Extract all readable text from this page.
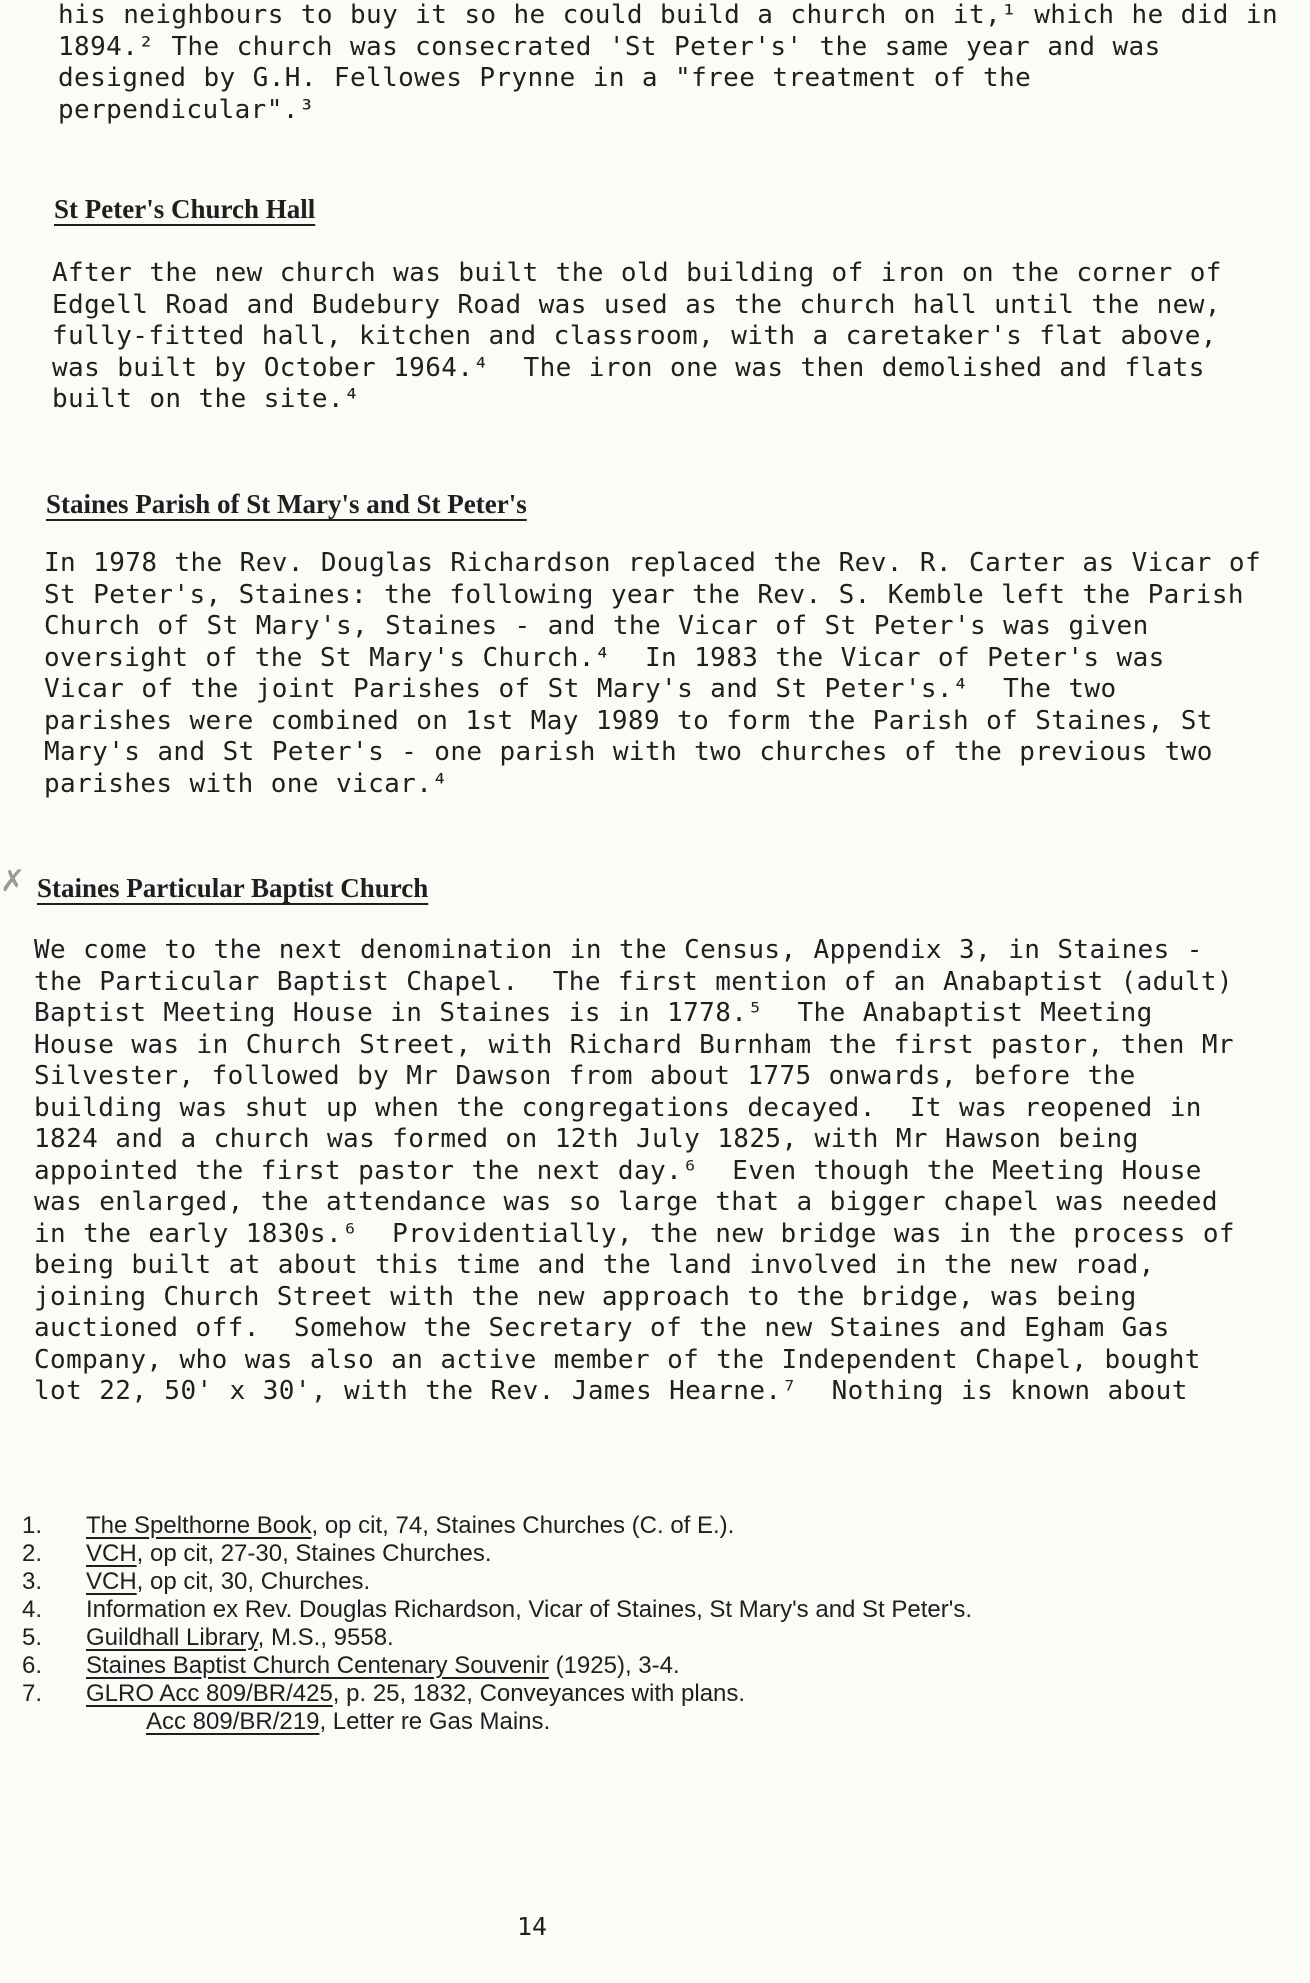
his neighbours to buy it so he could build a church on it,¹ which he did in
1894.² The church was consecrated 'St Peter's' the same year and was
designed by G.H. Fellowes Prynne in a "free treatment of the
perpendicular".³

St Peter's Church Hall

After the new church was built the old building of iron on the corner of
Edgell Road and Budebury Road was used as the church hall until the new,
fully-fitted hall, kitchen and classroom, with a caretaker's flat above,
was built by October 1964.⁴  The iron one was then demolished and flats
built on the site.⁴

Staines Parish of St Mary's and St Peter's

In 1978 the Rev. Douglas Richardson replaced the Rev. R. Carter as Vicar of
St Peter's, Staines: the following year the Rev. S. Kemble left the Parish
Church of St Mary's, Staines - and the Vicar of St Peter's was given
oversight of the St Mary's Church.⁴  In 1983 the Vicar of Peter's was
Vicar of the joint Parishes of St Mary's and St Peter's.⁴  The two
parishes were combined on 1st May 1989 to form the Parish of Staines, St
Mary's and St Peter's - one parish with two churches of the previous two
parishes with one vicar.⁴

✗ Staines Particular Baptist Church

We come to the next denomination in the Census, Appendix 3, in Staines -
the Particular Baptist Chapel.  The first mention of an Anabaptist (adult)
Baptist Meeting House in Staines is in 1778.⁵  The Anabaptist Meeting
House was in Church Street, with Richard Burnham the first pastor, then Mr
Silvester, followed by Mr Dawson from about 1775 onwards, before the
building was shut up when the congregations decayed.  It was reopened in
1824 and a church was formed on 12th July 1825, with Mr Hawson being
appointed the first pastor the next day.⁶  Even though the Meeting House
was enlarged, the attendance was so large that a bigger chapel was needed
in the early 1830s.⁶  Providentially, the new bridge was in the process of
being built at about this time and the land involved in the new road,
joining Church Street with the new approach to the bridge, was being
auctioned off.  Somehow the Secretary of the new Staines and Egham Gas
Company, who was also an active member of the Independent Chapel, bought
lot 22, 50' x 30', with the Rev. James Hearne.⁷  Nothing is known about

1. The Spelthorne Book, op cit, 74, Staines Churches (C. of E.).
2. VCH, op cit, 27-30, Staines Churches.
3. VCH, op cit, 30, Churches.
4. Information ex Rev. Douglas Richardson, Vicar of Staines, St Mary's and St Peter's.
5. Guildhall Library, M.S., 9558.
6. Staines Baptist Church Centenary Souvenir (1925), 3-4.
7. GLRO Acc 809/BR/425, p. 25, 1832, Conveyances with plans.
Acc 809/BR/219, Letter re Gas Mains.
14
